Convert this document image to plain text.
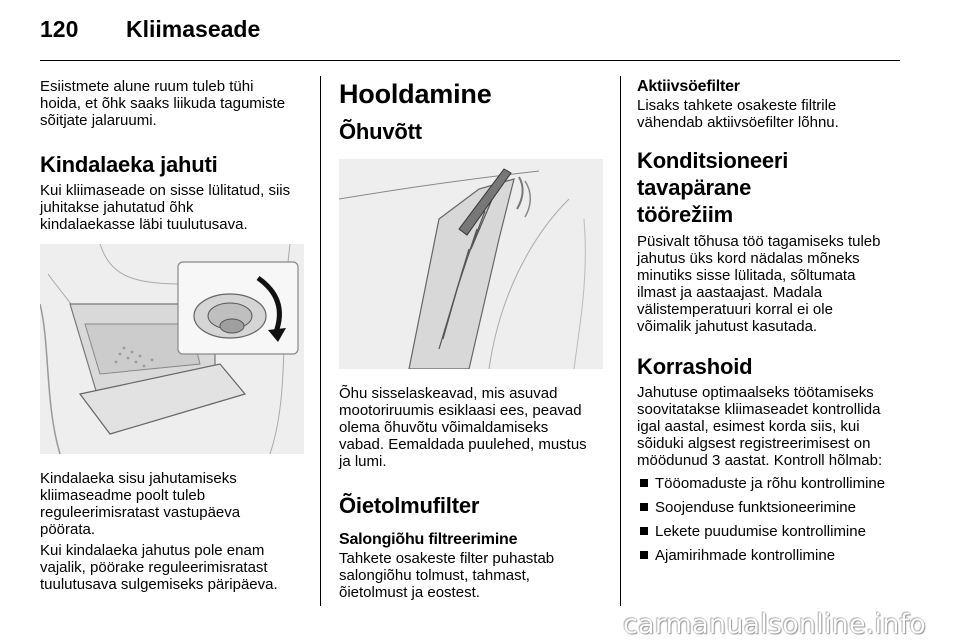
120 Kliimaseade

Esiistmete alune ruum tuleb tühi
hoida, et õhk saaks liikuda tagumiste
sõitjate jalaruumi.

Kindalaeka jahuti

Kui kliimaseade on sisse lülitatud, siis
juhitakse jahutatud õhk
kindalaekasse läbi tuulutusava.

Kindalaeka sisu jahutamiseks
kliimaseadme poolt tuleb
reguleerimisratast vastupäeva
pöörata.

Kui kindalaeka jahutus pole enam
vajalik, pöörake reguleerimisratast
tuulutusava sulgemiseks päripäeva.

Hooldamine
Õhuvõtt

Õhu sisselaskeavad, mis asuvad
mootoriruumis esiklaasi ees, peavad
olema õhuvõtu võimaldamiseks
vabad. Eemaldada puulehed, mustus
ja lumi.

Õietolmufilter
Salongiõhu filtreerimine

Tahkete osakeste filter puhastab
salongiõhu tolmust, tahmast,
õietolmust ja eostest.

Aktiivsöefilter

Lisaks tahkete osakeste filtrile
vähendab aktiivsöefilter lõhnu.

Konditsioneeri tavapärane
töörežiim

Püsivalt tõhusa töö tagamiseks tuleb
jahutus üks kord nädalas mõneks
minutiks sisse lülitada, sõltumata
ilmast ja aastaajast. Madala
välistemperatuuri korral ei ole
võimalik jahutust kasutada.

Korrashoid

Jahutuse optimaalseks töötamiseks
soovitatakse kliimaseadet kontrollida
igal aastal, esimest korda siis, kui
sõiduki algsest registreerimisest on
möödunud 3 aastat. Kontroll hõlmab:

Tööomaduste ja rõhu kontrollimine
Soojenduse funktsioneerimine
Lekete puudumise kontrollimine
Ajamirihmade kontrollimine
carmanualsonline.info
